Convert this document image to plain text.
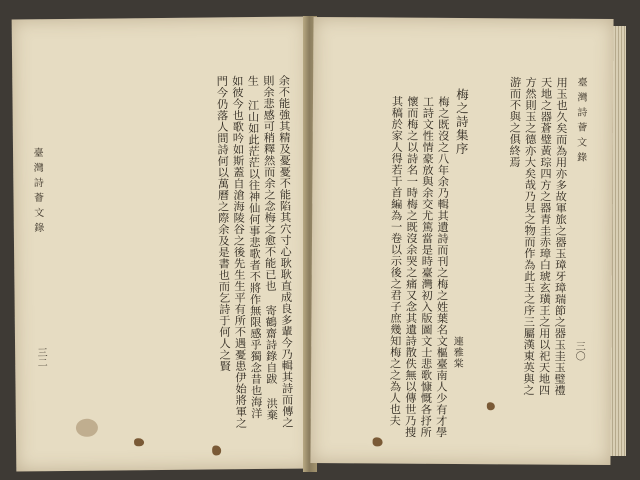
臺灣詩薈文錄
三二	余不能強其精及憂憂不能陷其穴寸心耿耿直成良多輩今乃輯其詩而傳之則余悲感可稍釋然而余之念梅之愈不能已也 寄鶴齋詩錄自跋 洪棄生 江山如此茫茫以往神仙何事悲歌者不將作無限感乎獨念昔也海洋如彼今也歌吟如斯蓋自滄海陵谷之後先生生平有所不遇憂患伊始將軍之門今仍落人間詩何以萬曆之際余及是書也而乞詩于何人之賢	臺灣詩薈文錄
三〇
用玉也久矣而為用亦多故軍旅之器玉璋牙璋瑞節之器玉圭玉璧禮天地之器蒼璧黃琮四方之器青圭赤璋白琥玄璜王之用以祀天地四方然則玉之德亦大矣哉乃見之物而作為此玉之序三屬漢東英與之游而不與之俱終焉
梅之詩集序
連雅棠
梅之既沒之八年余乃輯其遺詩而刊之梅之姓葉名文樞臺南人少有才學工詩文性情豪放與余交尤篤當是時臺灣初入版圖文士悲歌慷慨各抒所懷而梅之以詩名一時梅之既沒余哭之痛又念其遺詩散佚無以傳世乃搜其稿於家人得若干首編為一卷以示後之君子庶幾知梅之之為人也夫
